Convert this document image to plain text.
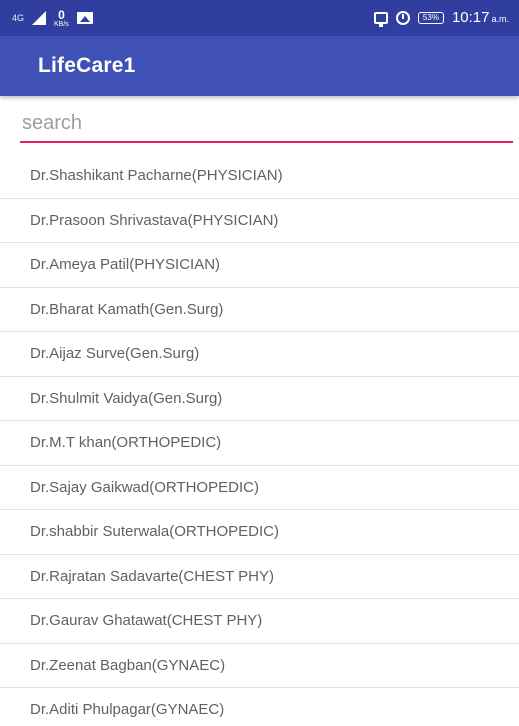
4G	0
KB/s
53% 10:17 a.m.
LifeCare1
search
Dr.Shashikant Pacharne(PHYSICIAN)
Dr.Prasoon Shrivastava(PHYSICIAN)
Dr.Ameya Patil(PHYSICIAN)
Dr.Bharat Kamath(Gen.Surg)
Dr.Aijaz Surve(Gen.Surg)
Dr.Shulmit Vaidya(Gen.Surg)
Dr.M.T khan(ORTHOPEDIC)
Dr.Sajay Gaikwad(ORTHOPEDIC)
Dr.shabbir Suterwala(ORTHOPEDIC)
Dr.Rajratan Sadavarte(CHEST PHY)
Dr.Gaurav Ghatawat(CHEST PHY)
Dr.Zeenat Bagban(GYNAEC)
Dr.Aditi Phulpagar(GYNAEC)
